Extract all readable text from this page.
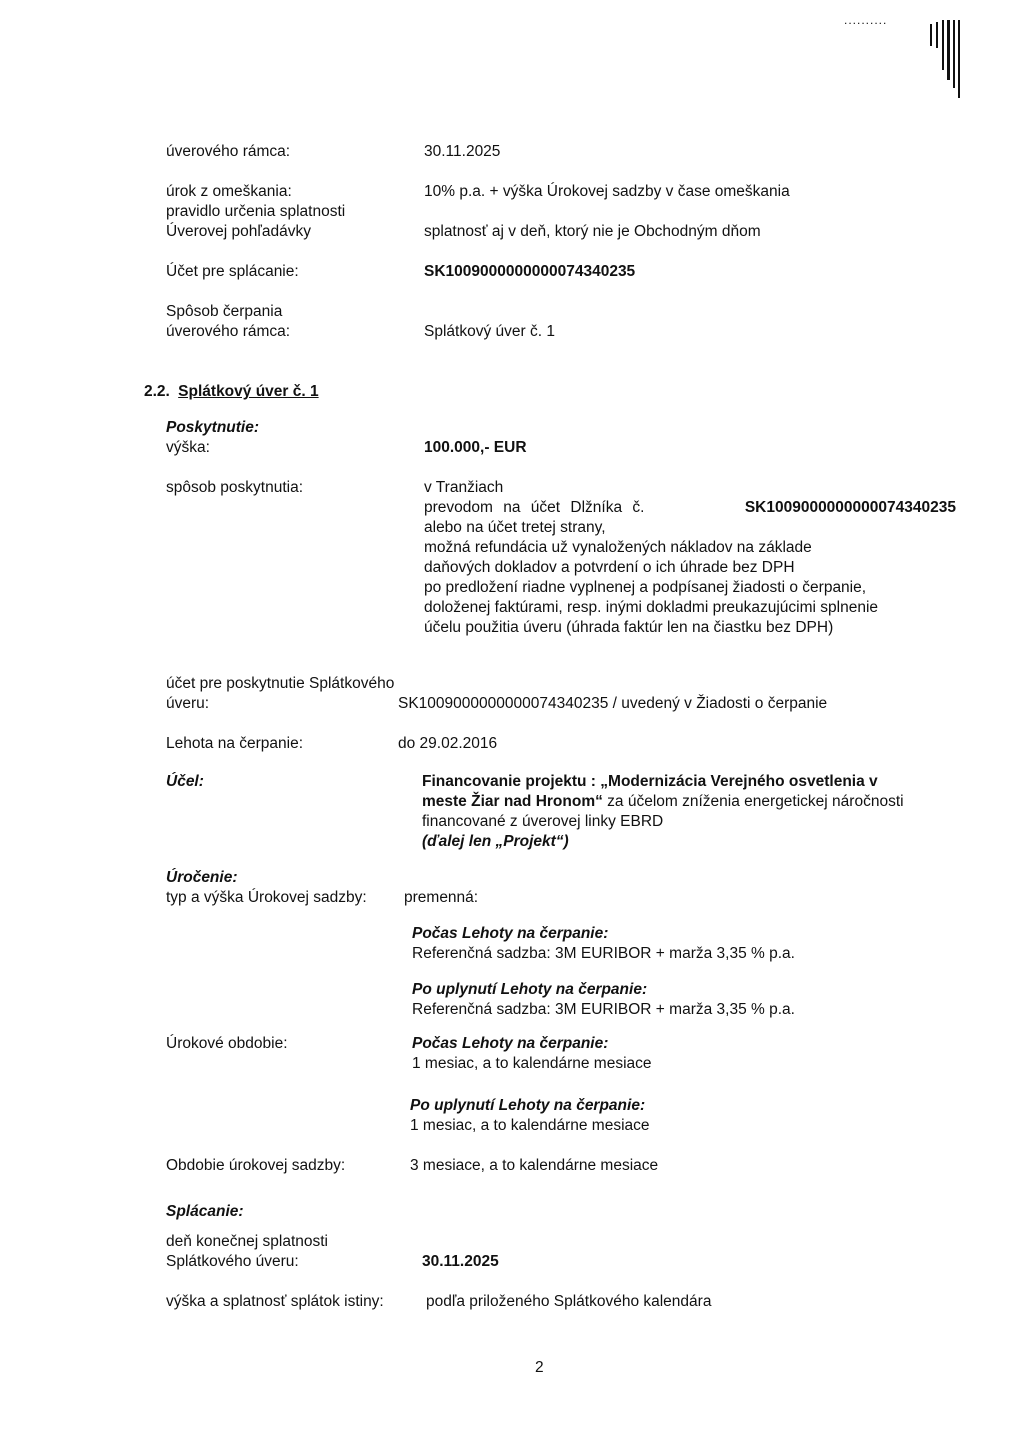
..........
úverového rámca:	30.11.2025
úrok z omeškania:	10% p.a. + výška Úrokovej sadzby v čase omeškania
pravidlo určenia splatnosti
Úverovej pohľadávky	splatnosť aj v deň, ktorý nie je Obchodným dňom
Účet pre splácanie:	SK1009000000000074340235
Spôsob čerpania
úverového rámca:	Splátkový úver č. 1
2.2. Splátkový úver č. 1
Poskytnutie:
výška:	100.000,- EUR
spôsob poskytnutia:	v Tranžiach
prevodom na účet Dlžníka č.	SK1009000000000074340235
alebo na účet tretej strany,
možná refundácia už vynaložených nákladov na základe
daňových dokladov a potvrdení o ich úhrade bez DPH
po predložení riadne vyplnenej a podpísanej žiadosti o čerpanie,
doloženej faktúrami, resp. inými dokladmi preukazujúcimi splnenie
účelu použitia úveru (úhrada faktúr len na čiastku bez DPH)
účet pre poskytnutie Splátkového
úveru:	SK1009000000000074340235 / uvedený v Žiadosti o čerpanie
Lehota na čerpanie:	do 29.02.2016
Účel:	Financovanie projektu : „Modernizácia Verejného osvetlenia v
meste Žiar nad Hronom“ za účelom zníženia energetickej náročnosti
financované z úverovej linky EBRD
(ďalej len „Projekt“)
Úročenie:
typ a výška Úrokovej sadzby: premenná:
Počas Lehoty na čerpanie:
Referenčná sadzba: 3M EURIBOR + marža 3,35 % p.a.
Po uplynutí Lehoty na čerpanie:
Referenčná sadzba: 3M EURIBOR + marža 3,35 % p.a.
Úrokové obdobie:	Počas Lehoty na čerpanie:
1 mesiac, a to kalendárne mesiace
Po uplynutí Lehoty na čerpanie:
1 mesiac, a to kalendárne mesiace
Obdobie úrokovej sadzby:	3 mesiace, a to kalendárne mesiace
Splácanie:
deň konečnej splatnosti
Splátkového úveru:	30.11.2025
výška a splatnosť splátok istiny:	podľa priloženého Splátkového kalendára
2
